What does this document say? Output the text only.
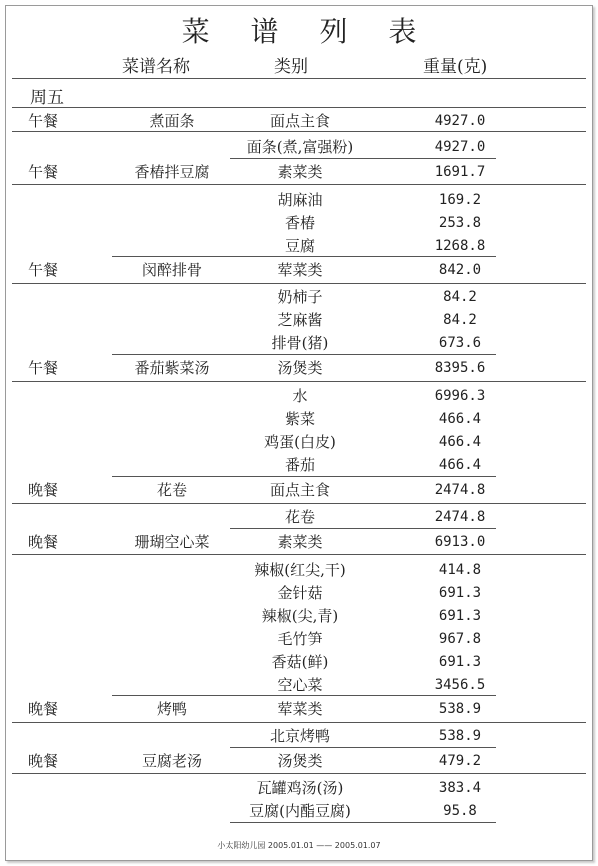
菜 谱 列 表
菜谱名称	类别	重量(克)
周五
午餐	煮面条	面点主食	4927.0
面条(煮,富强粉)	4927.0
午餐	香椿拌豆腐	素菜类	1691.7
胡麻油	169.2
香椿	253.8
豆腐	1268.8
午餐	闵醉排骨	荤菜类	842.0
奶柿子	84.2
芝麻酱	84.2
排骨(猪)	673.6
午餐	番茄紫菜汤	汤煲类	8395.6
水	6996.3
紫菜	466.4
鸡蛋(白皮)	466.4
番茄	466.4
晚餐	花卷	面点主食	2474.8
花卷	2474.8
晚餐	珊瑚空心菜	素菜类	6913.0
辣椒(红尖,干)	414.8
金针菇	691.3
辣椒(尖,青)	691.3
毛竹笋	967.8
香菇(鲜)	691.3
空心菜	3456.5
晚餐	烤鸭	荤菜类	538.9
北京烤鸭	538.9
晚餐	豆腐老汤	汤煲类	479.2
瓦罐鸡汤(汤)	383.4
豆腐(内酯豆腐)	95.8
小太阳幼儿园 2005.01.01 —— 2005.01.07
